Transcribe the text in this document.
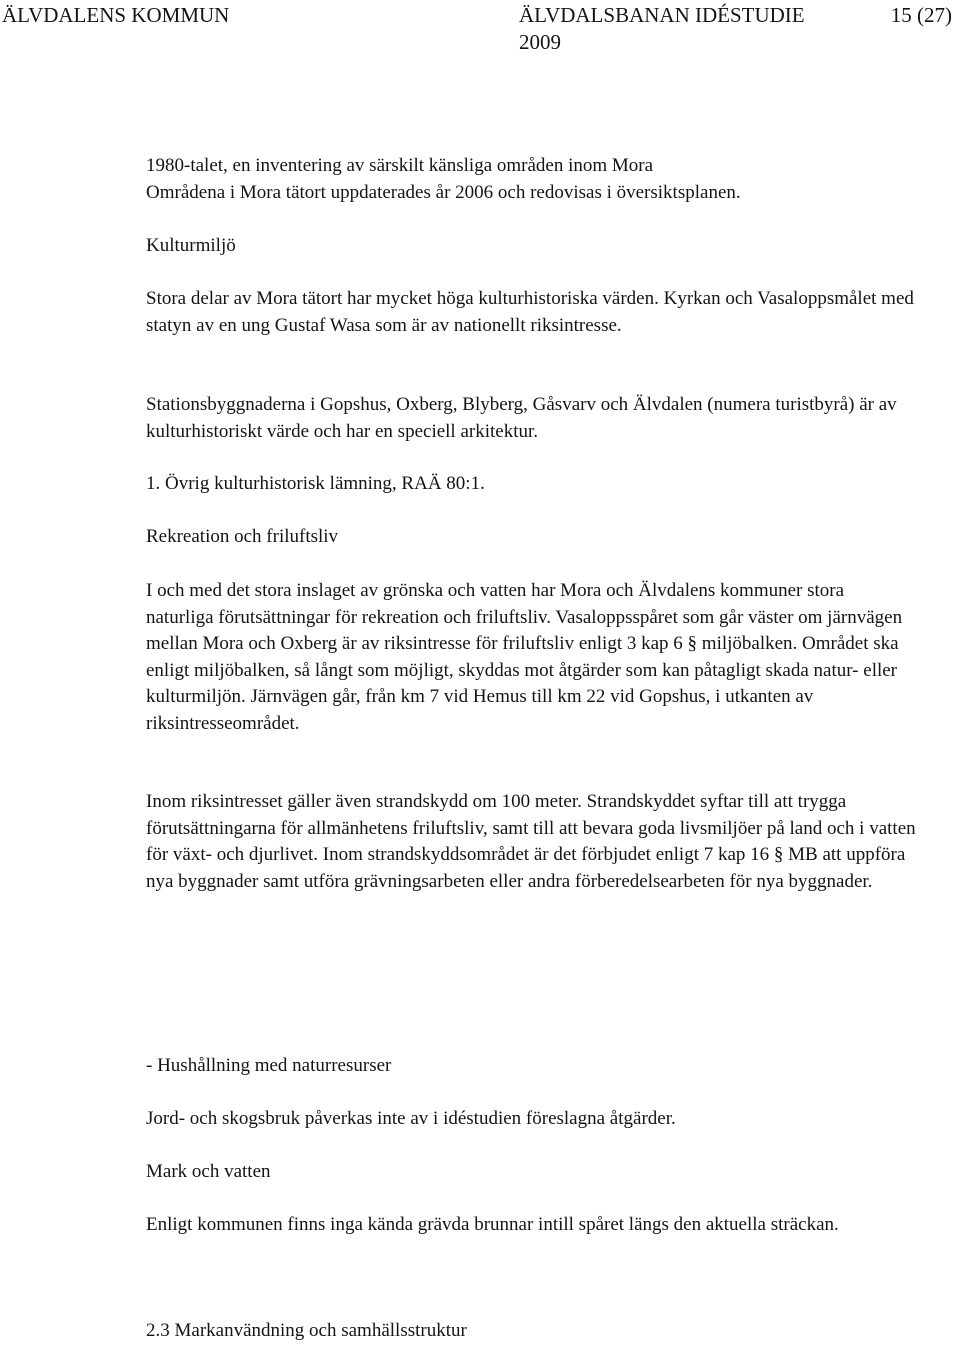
ÄLVDALENS KOMMUN	ÄLVDALSBANAN IDÉSTUDIE
2009
15 (27)

1980-talet, en inventering av särskilt känsliga områden inom Mora
Områdena i Mora tätort uppdaterades år 2006 och redovisas i översiktsplanen.

Kulturmiljö

Stora delar av Mora tätort har mycket höga kulturhistoriska värden. Kyrkan och Vasaloppsmålet med statyn av en ung Gustaf Wasa som är av nationellt riksintresse.

Stationsbyggnaderna i Gopshus, Oxberg, Blyberg, Gåsvarv och Älvdalen (numera turistbyrå) är av kulturhistoriskt värde och har en speciell arkitektur.

1. Övrig kulturhistorisk lämning, RAÄ 80:1.

Rekreation och friluftsliv

I och med det stora inslaget av grönska och vatten har Mora och Älvdalens kommuner stora naturliga förutsättningar för rekreation och friluftsliv. Vasaloppsspåret som går väster om järnvägen mellan Mora och Oxberg är av riksintresse för friluftsliv enligt 3 kap 6 § miljöbalken. Området ska enligt miljöbalken, så långt som möjligt, skyddas mot åtgärder som kan påtagligt skada natur- eller kulturmiljön. Järnvägen går, från km 7 vid Hemus till km 22 vid Gopshus, i utkanten av riksintresseområdet.

Inom riksintresset gäller även strandskydd om 100 meter. Strandskyddet syftar till att trygga förutsättningarna för allmänhetens friluftsliv, samt till att bevara goda livsmiljöer på land och i vatten för växt- och djurlivet. Inom strandskyddsområdet är det förbjudet enligt 7 kap 16 § MB att uppföra nya byggnader samt utföra grävningsarbeten eller andra förberedelsearbeten för nya byggnader.

- Hushållning med naturresurser

Jord- och skogsbruk påverkas inte av i idéstudien föreslagna åtgärder.

Mark och vatten

Enligt kommunen finns inga kända grävda brunnar intill spåret längs den aktuella sträckan.

2.3 Markanvändning och samhällsstruktur
